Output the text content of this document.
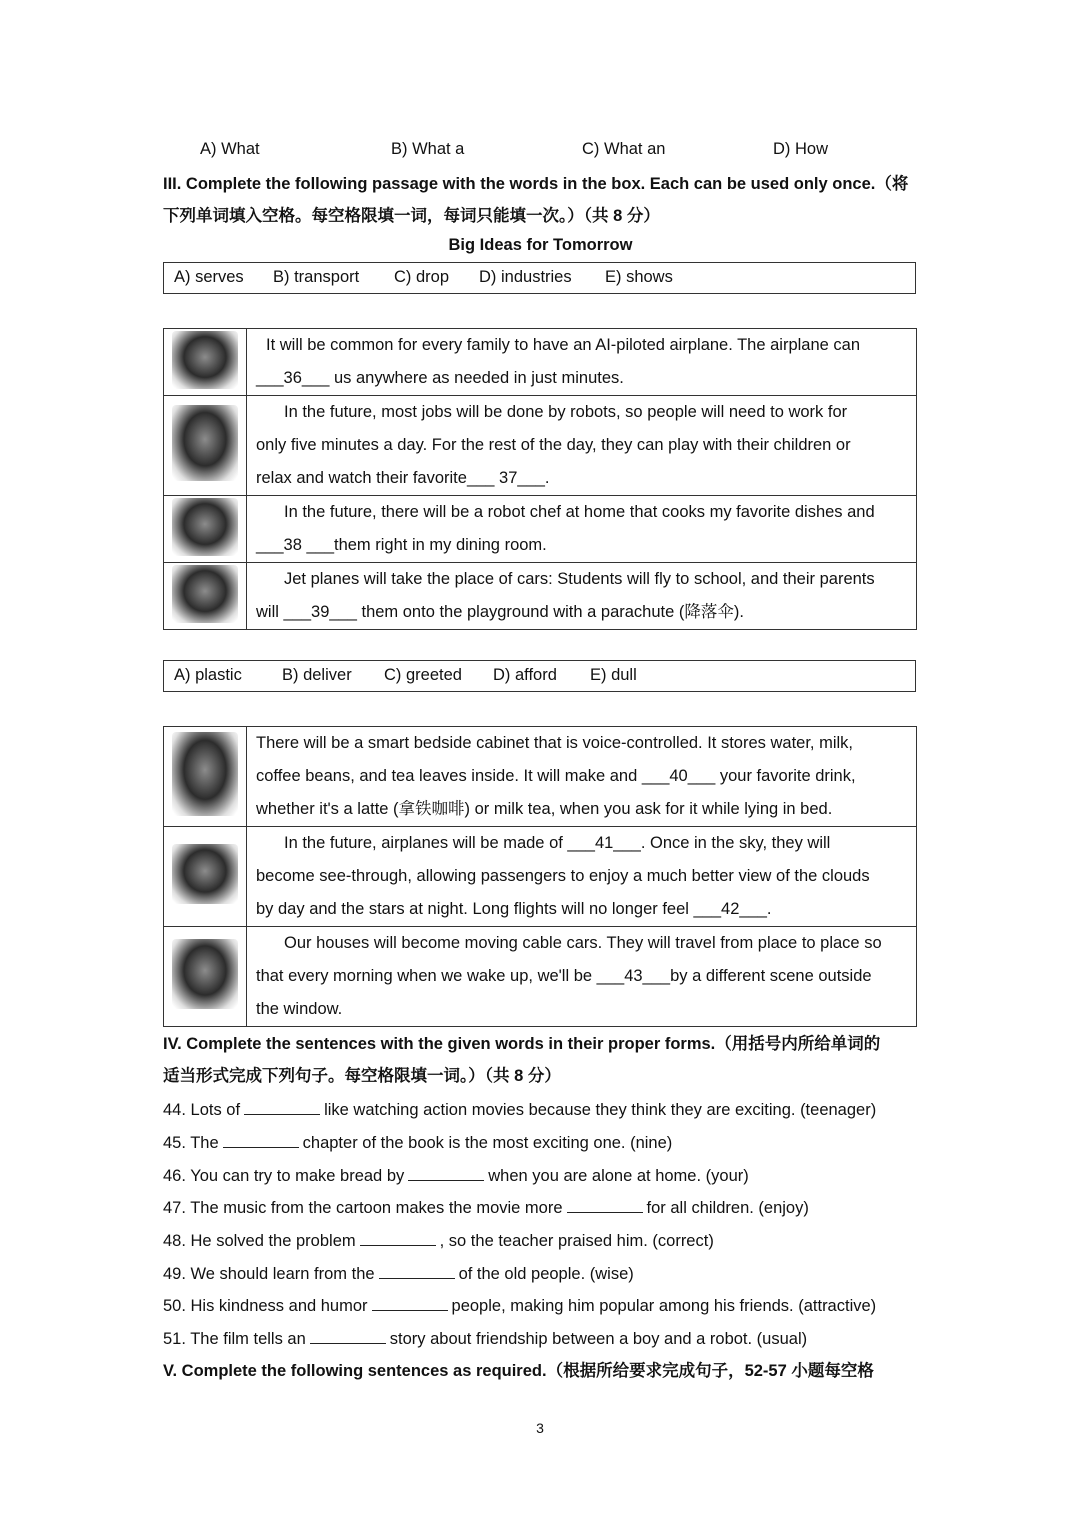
A) What	B) What a	C) What an	D) How
III. Complete the following passage with the words in the box. Each can be used only once.（将
下列单词填入空格。每空格限填一词，每词只能填一次。）（共 8 分）
Big Ideas for Tomorrow
A) serves B) transport C) drop D) industries E) shows

	It will be common for every family to have an AI-piloted airplane. The airplane can
___36___ us anywhere as needed in just minutes.

	In the future, most jobs will be done by robots, so people will need to work for
only five minutes a day. For the rest of the day, they can play with their children or
relax and watch their favorite___ 37___.

	In the future, there will be a robot chef at home that cooks my favorite dishes and
___38 ___them right in my dining room.

	Jet planes will take the place of cars: Students will fly to school, and their parents
will ___39___ them onto the playground with a parachute (降落伞).
A) plastic B) deliver C) greeted D) afford E) dull

	There will be a smart bedside cabinet that is voice-controlled. It stores water, milk,
coffee beans, and tea leaves inside. It will make and ___40___ your favorite drink,
whether it's a latte (拿铁咖啡) or milk tea, when you ask for it while lying in bed.

	In the future, airplanes will be made of ___41___. Once in the sky, they will
become see-through, allowing passengers to enjoy a much better view of the clouds
by day and the stars at night. Long flights will no longer feel ___42___.

	Our houses will become moving cable cars. They will travel from place to place so
that every morning when we wake up, we'll be ___43___by a different scene outside
the window.
IV. Complete the sentences with the given words in their proper forms.（用括号内所给单词的
适当形式完成下列句子。每空格限填一词。）（共 8 分）
44. Lots of	like watching action movies because they think they are exciting. (teenager)
45. The	chapter of the book is the most exciting one. (nine)
46. You can try to make bread by	when you are alone at home. (your)
47. The music from the cartoon makes the movie more	for all children. (enjoy)
48. He solved the problem	, so the teacher praised him. (correct)
49. We should learn from the	of the old people. (wise)
50. His kindness and humor	people, making him popular among his friends. (attractive)
51. The film tells an	story about friendship between a boy and a robot. (usual)
V. Complete the following sentences as required.（根据所给要求完成句子，52-57 小题每空格
3
